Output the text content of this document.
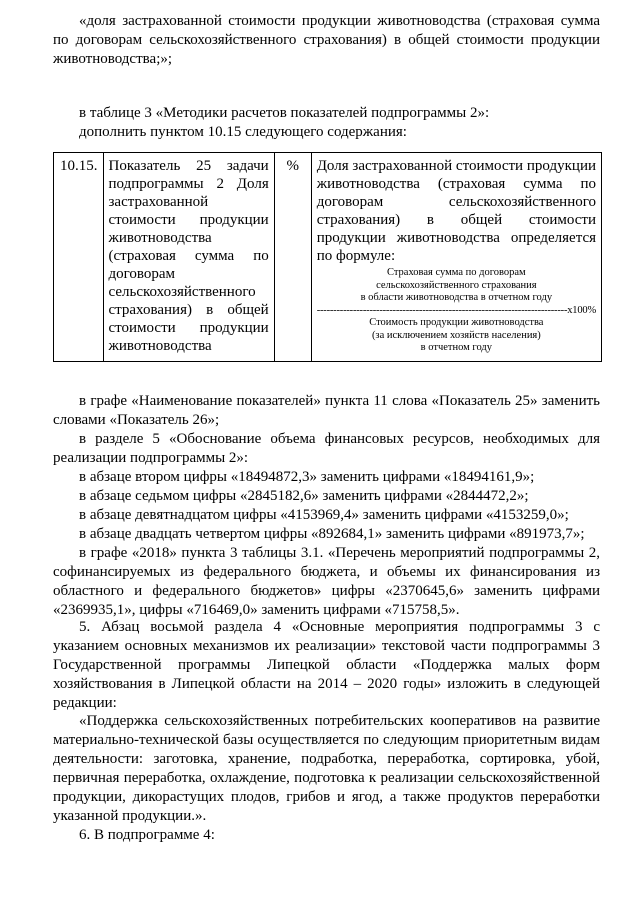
«доля застрахованной стоимости продукции животноводства (страховая сумма по договорам сельскохозяйственного страхования) в общей стоимости продукции животноводства;»;
в таблице 3 «Методики расчетов показателей подпрограммы 2»:
дополнить пунктом 10.15 следующего содержания:
10.15.	Показатель 25 задачи подпрограммы 2 Доля застрахованной стоимости продукции животноводства (страховая сумма по договорам сельскохозяйственного страхования) в общей стоимости продукции животноводства	%	Доля застрахованной стоимости продукции животноводства (страховая сумма по договорам сельскохозяйственного страхования) в общей стоимости продукции животноводства определяется по формуле:
Страховая сумма по договорам
сельскохозяйственного страхования
в области животноводства в отчетном году
----------------------------------------------------------------------------x100%
Стоимость продукции животноводства
(за исключением хозяйств населения)
в отчетном году
в графе «Наименование показателей» пункта 11 слова «Показатель 25» заменить словами «Показатель 26»;
в разделе 5 «Обоснование объема финансовых ресурсов, необходимых для реализации подпрограммы 2»:
в абзаце втором цифры «18494872,3» заменить цифрами «18494161,9»;
в абзаце седьмом цифры «2845182,6» заменить цифрами «2844472,2»;
в абзаце девятнадцатом цифры «4153969,4» заменить цифрами «4153259,0»;
в абзаце двадцать четвертом цифры «892684,1» заменить цифрами «891973,7»;
в графе «2018» пункта 3 таблицы 3.1. «Перечень мероприятий подпрограммы 2, софинансируемых из федерального бюджета, и объемы их финансирования из областного и федерального бюджетов» цифры «2370645,6» заменить цифрами «2369935,1», цифры «716469,0» заменить цифрами «715758,5».
5. Абзац восьмой раздела 4 «Основные мероприятия подпрограммы 3 с указанием основных механизмов их реализации» текстовой части подпрограммы 3 Государственной программы Липецкой области «Поддержка малых форм хозяйствования в Липецкой области на 2014 – 2020 годы» изложить в следующей редакции:
«Поддержка сельскохозяйственных потребительских кооперативов на развитие материально-технической базы осуществляется по следующим приоритетным видам деятельности: заготовка, хранение, подработка, переработка, сортировка, убой, первичная переработка, охлаждение, подготовка к реализации сельскохозяйственной продукции, дикорастущих плодов, грибов и ягод, а также продуктов переработки указанной продукции.».
6. В подпрограмме 4:
